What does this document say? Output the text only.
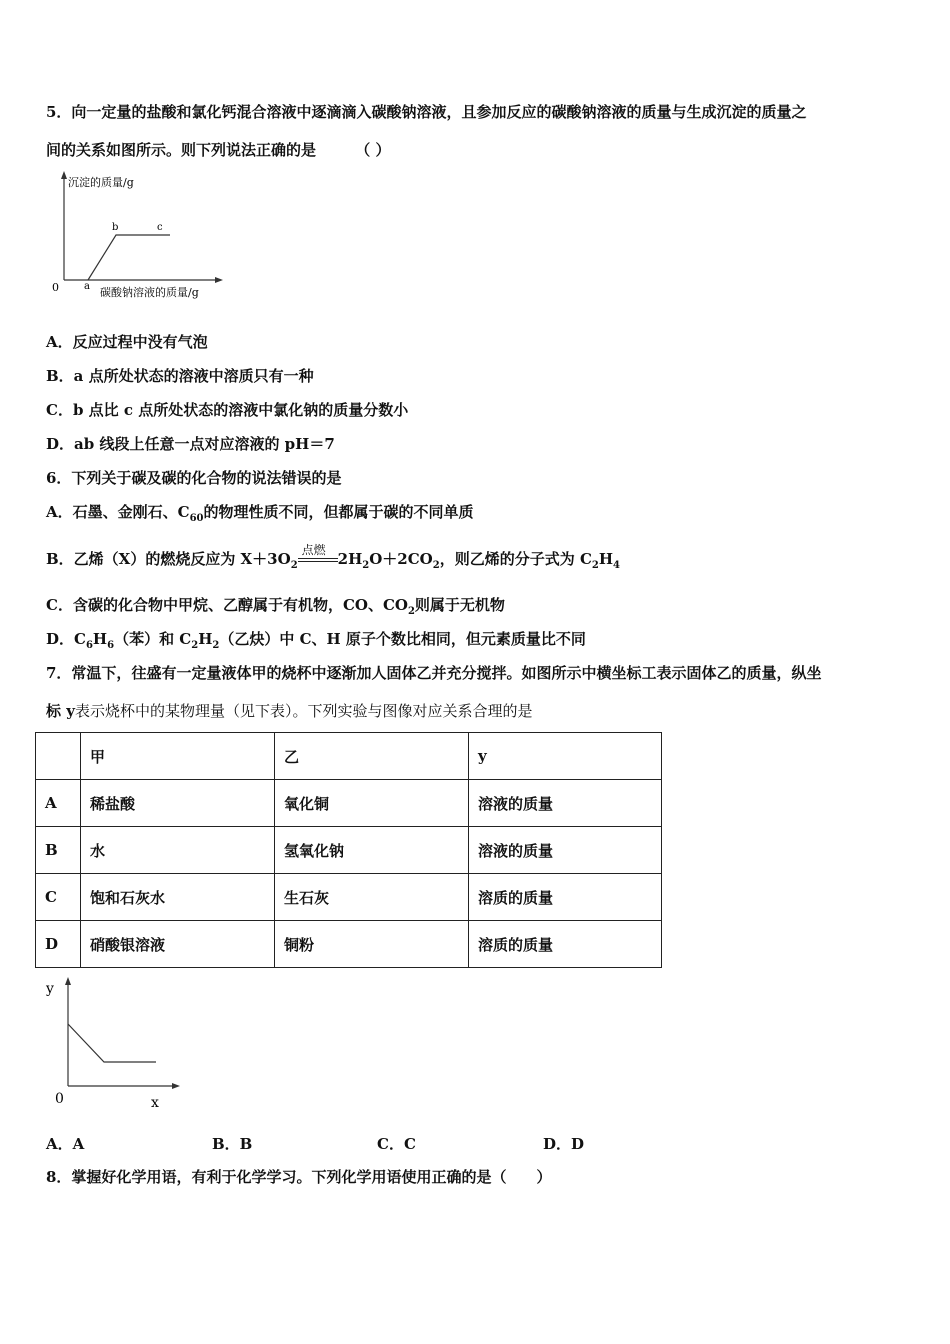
5．向一定量的盐酸和氯化钙混合溶液中逐滴滴入碳酸钠溶液，且参加反应的碳酸钠溶液的质量与生成沉淀的质量之
间的关系如图所示。则下列说法正确的是	（ ）
沉淀的质量/g
0	a
b	c
碳酸钠溶液的质量/g
A．反应过程中没有气泡
B．a 点所处状态的溶液中溶质只有一种
C．b 点比 c 点所处状态的溶液中氯化钠的质量分数小
D．ab 线段上任意一点对应溶液的 pH＝7
6．下列关于碳及碳的化合物的说法错误的是
A．石墨、金刚石、$C_{60}$的物理性质不同，但都属于碳的不同单质
B．乙烯（X）的燃烧反应为 $X+3O_2$
点燃 $2H_2O+2CO_2$，则乙烯的分子式为 $C_2H_4$
C．含碳的化合物中甲烷、乙醇属于有机物，CO、$CO_2$则属于无机物
D．$C_6H_6$（苯）和 $C_2H_2$（乙炔）中 C、H 原子个数比相同，但元素质量比不同
7．常温下，往盛有一定量液体甲的烧杯中逐渐加人固体乙并充分搅拌。如图所示中横坐标工表示固体乙的质量，纵坐
标 y表示烧杯中的某物理量（见下表）。下列实验与图像对应关系合理的是
	甲	乙	y
A	稀盐酸	氧化铜	溶液的质量
B	水	氢氧化钠	溶液的质量
C	饱和石灰水	生石灰	溶质的质量
D	硝酸银溶液	铜粉	溶质的质量
y
0	x
A．A	B．B	C．C	D．D
8．掌握好化学用语，有利于化学学习。下列化学用语使用正确的是（　　）
